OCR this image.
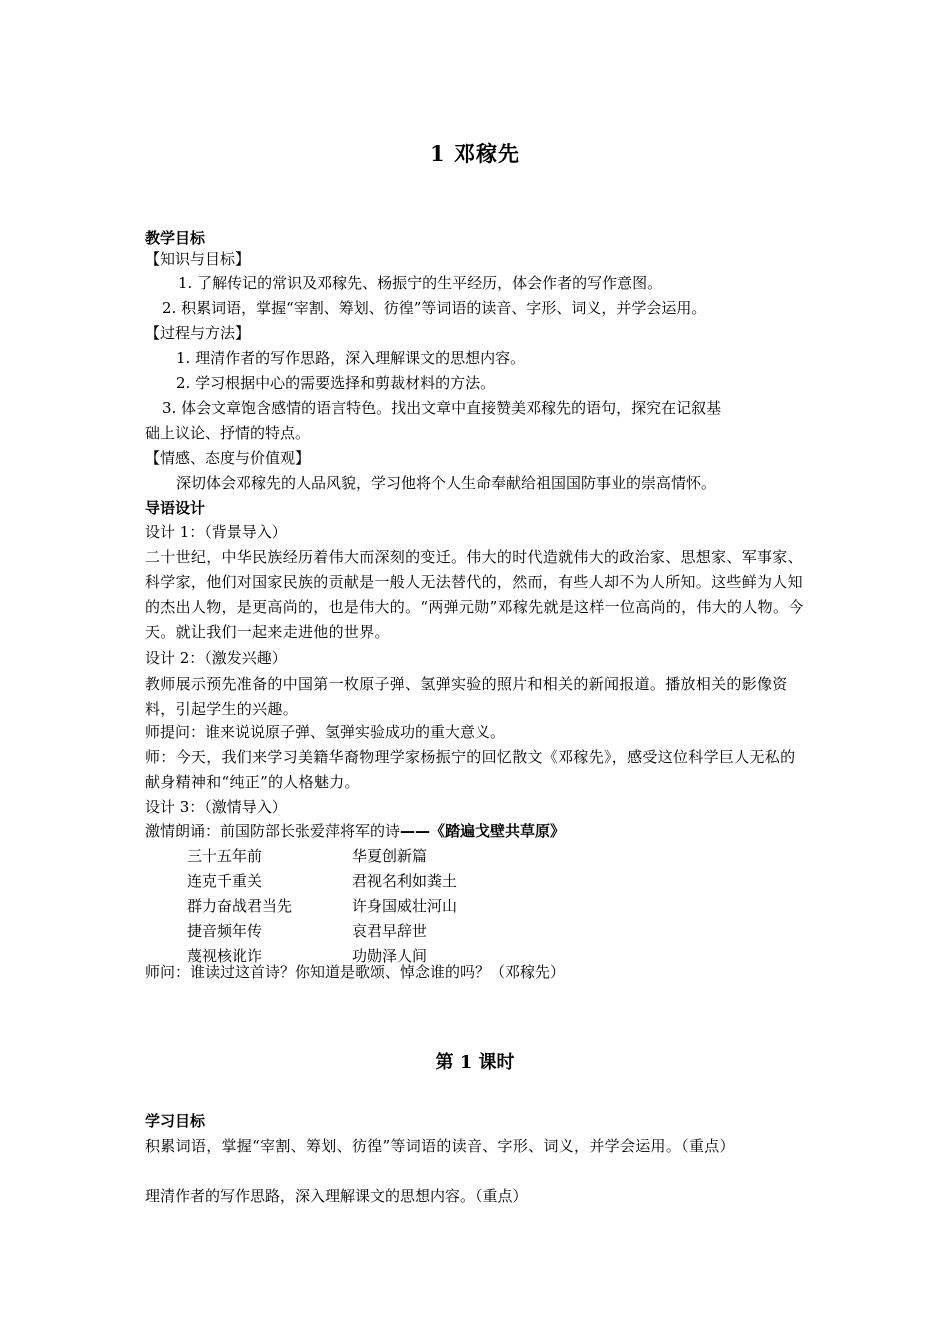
1 邓稼先
教学目标
【知识与目标】
1. 了解传记的常识及邓稼先、杨振宁的生平经历，体会作者的写作意图。
2. 积累词语，掌握“宰割、筹划、彷徨”等词语的读音、字形、词义，并学会运用。
【过程与方法】
1. 理清作者的写作思路，深入理解课文的思想内容。
2. 学习根据中心的需要选择和剪裁材料的方法。
3. 体会文章饱含感情的语言特色。找出文章中直接赞美邓稼先的语句，探究在记叙基
础上议论、抒情的特点。
【情感、态度与价值观】
深切体会邓稼先的人品风貌，学习他将个人生命奉献给祖国国防事业的崇高情怀。
导语设计
设计 1：（背景导入）
二十世纪，中华民族经历着伟大而深刻的变迁。伟大的时代造就伟大的政治家、思想家、军事家、科学家，他们对国家民族的贡献是一般人无法替代的，然而，有些人却不为人所知。这些鲜为人知的杰出人物，是更高尚的，也是伟大的。“两弹元勋”邓稼先就是这样一位高尚的，伟大的人物。今天。就让我们一起来走进他的世界。
设计 2：（激发兴趣）
教师展示预先准备的中国第一枚原子弹、氢弹实验的照片和相关的新闻报道。播放相关的影像资料，引起学生的兴趣。
师提问：谁来说说原子弹、氢弹实验成功的重大意义。
师：今天，我们来学习美籍华裔物理学家杨振宁的回忆散文《邓稼先》，感受这位科学巨人无私的献身精神和“纯正”的人格魅力。
设计 3：（激情导入）
激情朗诵：前国防部长张爱萍将军的诗——《踏遍戈壁共草原》
三十五年前	华夏创新篇
连克千重关	君视名利如粪土
群力奋战君当先	许身国威壮河山
捷音频年传	哀君早辞世
蔑视核讹诈	功勋泽人间
师问：谁读过这首诗？你知道是歌颂、悼念谁的吗？（邓稼先）
第 1 课时
学习目标
积累词语，掌握“宰割、筹划、彷徨”等词语的读音、字形、词义，并学会运用。（重点）
理清作者的写作思路，深入理解课文的思想内容。（重点）
